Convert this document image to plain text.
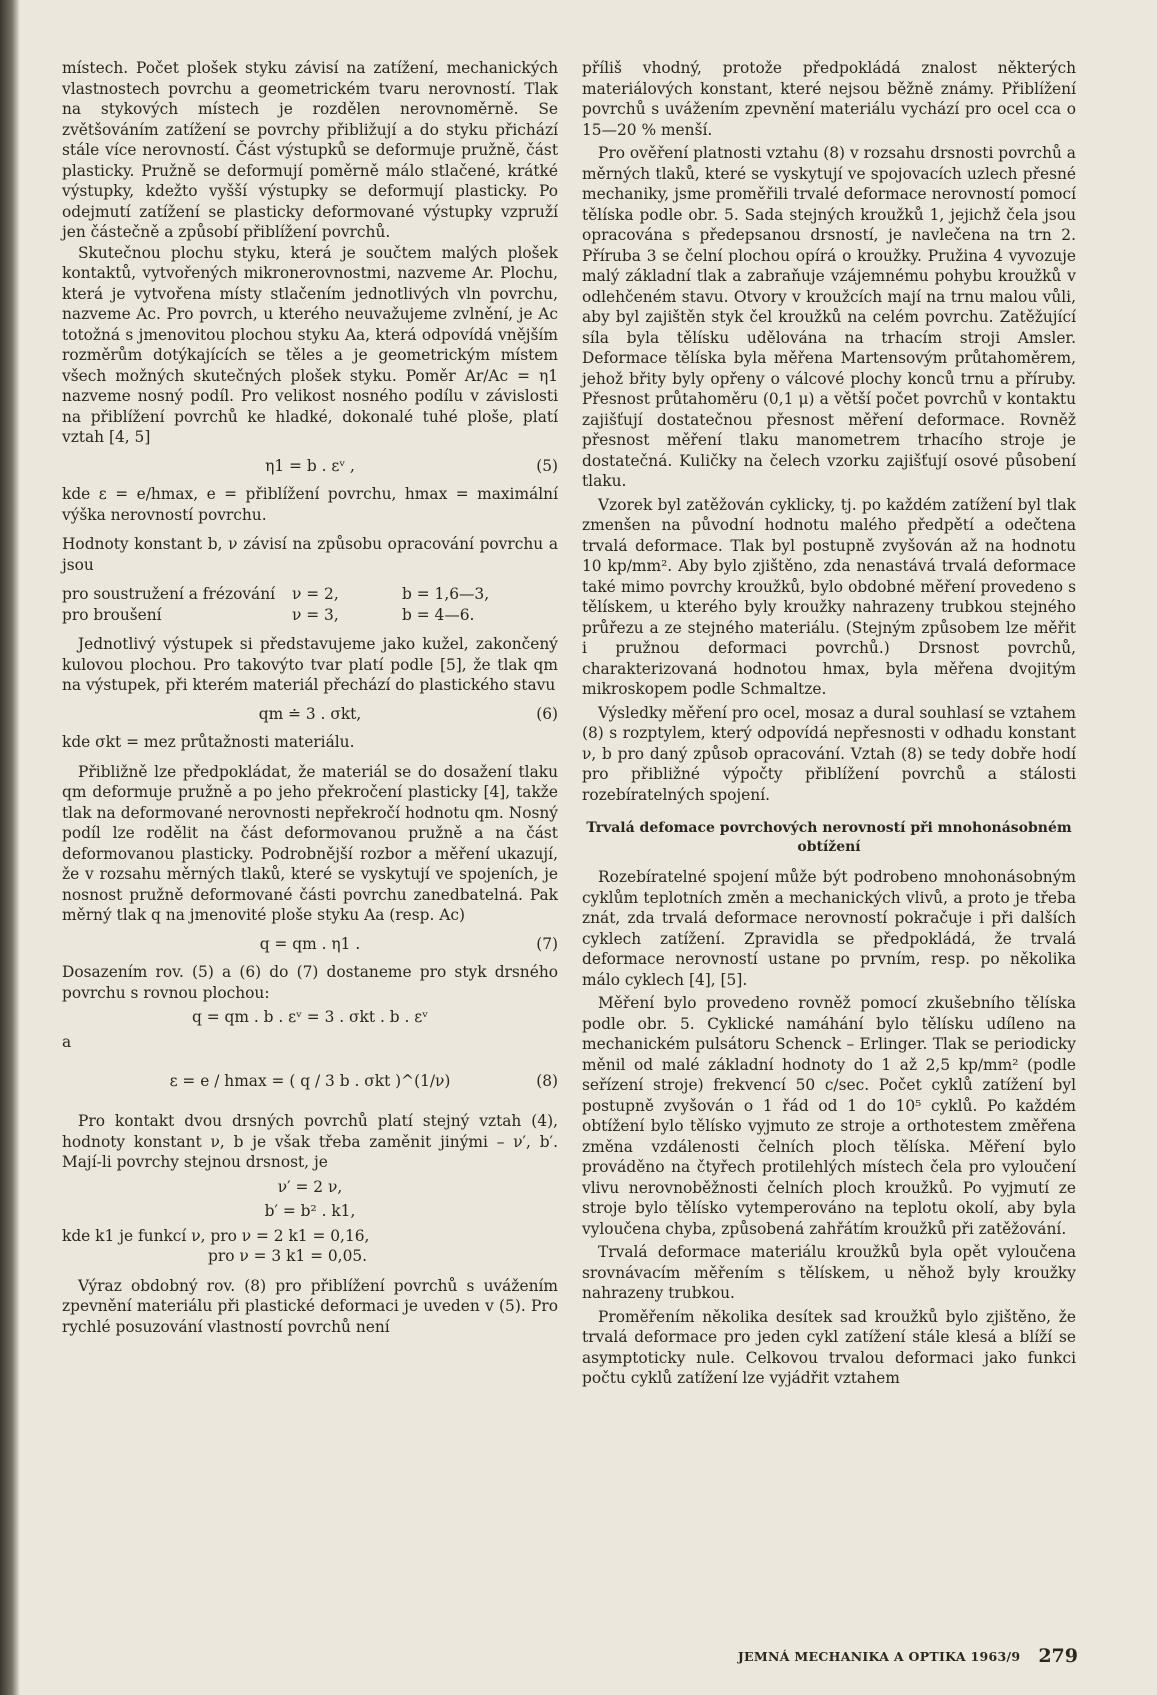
místech. Počet plošek styku závisí na zatížení, mechanických vlastnostech povrchu a geometrickém tvaru nerovností. Tlak na stykových místech je rozdělen nerovnoměrně. Se zvětšováním zatížení se povrchy přibližují a do styku přichází stále více nerovností. Část výstupků se deformuje pružně, část plasticky. Pružně se deformují poměrně málo stlačené, krátké výstupky, kdežto vyšší výstupky se deformují plasticky. Po odejmutí zatížení se plasticky deformované výstupky vzpruží jen částečně a způsobí přiblížení povrchů.

Skutečnou plochu styku, která je součtem malých plošek kontaktů, vytvořených mikronerovnostmi, nazveme Ar. Plochu, která je vytvořena místy stlačením jednotlivých vln povrchu, nazveme Ac. Pro povrch, u kterého neuvažujeme zvlnění, je Ac totožná s jmenovitou plochou styku Aa, která odpovídá vnějším rozměrům dotýkajících se těles a je geometrickým místem všech možných skutečných plošek styku. Poměr Ar/Ac = η1 nazveme nosný podíl. Pro velikost nosného podílu v závislosti na přiblížení povrchů ke hladké, dokonalé tuhé ploše, platí vztah [4, 5]

η1 = b . εᵛ ,	(5)

kde ε = e/hmax, e = přiblížení povrchu, hmax = maximální výška nerovností povrchu.

Hodnoty konstant b, ν závisí na způsobu opracování povrchu a jsou

pro soustružení a frézování	ν = 2,	b = 1,6—3,
pro broušení	ν = 3,	b = 4—6.

Jednotlivý výstupek si představujeme jako kužel, zakončený kulovou plochou. Pro takovýto tvar platí podle [5], že tlak qm na výstupek, při kterém materiál přechází do plastického stavu

qm ≐ 3 . σkt,	(6)

kde σkt = mez průtažnosti materiálu.

Přibližně lze předpokládat, že materiál se do dosažení tlaku qm deformuje pružně a po jeho překročení plasticky [4], takže tlak na deformované nerovnosti nepřekročí hodnotu qm. Nosný podíl lze rodělit na část deformovanou pružně a na část deformovanou plasticky. Podrobnější rozbor a měření ukazují, že v rozsahu měrných tlaků, které se vyskytují ve spojeních, je nosnost pružně deformované části povrchu zanedbatelná. Pak měrný tlak q na jmenovité ploše styku Aa (resp. Ac)

q = qm . η1 .	(7)

Dosazením rov. (5) a (6) do (7) dostaneme pro styk drsného povrchu s rovnou plochou:

q = qm . b . εᵛ = 3 . σkt . b . εᵛ

a

ε = e / hmax = ( q / 3 b . σkt )^(1/ν)	(8)

Pro kontakt dvou drsných povrchů platí stejný vztah (4), hodnoty konstant ν, b je však třeba zaměnit jinými – ν′, b′. Mají-li povrchy stejnou drsnost, je

ν′ = 2 ν,
b′ = b² . k1,

kde k1 je funkcí ν, pro ν = 2 k1 = 0,16,

pro ν = 3 k1 = 0,05.

Výraz obdobný rov. (8) pro přiblížení povrchů s uvážením zpevnění materiálu při plastické deformaci je uveden v (5). Pro rychlé posuzování vlastností povrchů není

příliš vhodný, protože předpokládá znalost některých materiálových konstant, které nejsou běžně známy. Přiblížení povrchů s uvážením zpevnění materiálu vychází pro ocel cca o 15—20 % menší.

Pro ověření platnosti vztahu (8) v rozsahu drsnosti povrchů a měrných tlaků, které se vyskytují ve spojovacích uzlech přesné mechaniky, jsme proměřili trvalé deformace nerovností pomocí tělíska podle obr. 5. Sada stejných kroužků 1, jejichž čela jsou opracována s předepsanou drsností, je navlečena na trn 2. Příruba 3 se čelní plochou opírá o kroužky. Pružina 4 vyvozuje malý základní tlak a zabraňuje vzájemnému pohybu kroužků v odlehčeném stavu. Otvory v kroužcích mají na trnu malou vůli, aby byl zajištěn styk čel kroužků na celém povrchu. Zatěžující síla byla tělísku udělována na trhacím stroji Amsler. Deformace tělíska byla měřena Martensovým průtahoměrem, jehož břity byly opřeny o válcové plochy konců trnu a příruby. Přesnost průtahoměru (0,1 μ) a větší počet povrchů v kontaktu zajišťují dostatečnou přesnost měření deformace. Rovněž přesnost měření tlaku manometrem trhacího stroje je dostatečná. Kuličky na čelech vzorku zajišťují osové působení tlaku.

Vzorek byl zatěžován cyklicky, tj. po každém zatížení byl tlak zmenšen na původní hodnotu malého předpětí a odečtena trvalá deformace. Tlak byl postupně zvyšován až na hodnotu 10 kp/mm². Aby bylo zjištěno, zda nenastává trvalá deformace také mimo povrchy kroužků, bylo obdobné měření provedeno s tělískem, u kterého byly kroužky nahrazeny trubkou stejného průřezu a ze stejného materiálu. (Stejným způsobem lze měřit i pružnou deformaci povrchů.) Drsnost povrchů, charakterizovaná hodnotou hmax, byla měřena dvojitým mikroskopem podle Schmaltze.

Výsledky měření pro ocel, mosaz a dural souhlasí se vztahem (8) s rozptylem, který odpovídá nepřesnosti v odhadu konstant ν, b pro daný způsob opracování. Vztah (8) se tedy dobře hodí pro přibližné výpočty přiblížení povrchů a stálosti rozebíratelných spojení.

Trvalá defomace povrchových nerovností při mnohonásobném obtížení

Rozebíratelné spojení může být podrobeno mnohonásobným cyklům teplotních změn a mechanických vlivů, a proto je třeba znát, zda trvalá deformace nerovností pokračuje i při dalších cyklech zatížení. Zpravidla se předpokládá, že trvalá deformace nerovností ustane po prvním, resp. po několika málo cyklech [4], [5].

Měření bylo provedeno rovněž pomocí zkušebního tělíska podle obr. 5. Cyklické namáhání bylo tělísku udíleno na mechanickém pulsátoru Schenck – Erlinger. Tlak se periodicky měnil od malé základní hodnoty do 1 až 2,5 kp/mm² (podle seřízení stroje) frekvencí 50 c/sec. Počet cyklů zatížení byl postupně zvyšován o 1 řád od 1 do 10⁵ cyklů. Po každém obtížení bylo tělísko vyjmuto ze stroje a orthotestem změřena změna vzdálenosti čelních ploch tělíska. Měření bylo prováděno na čtyřech protilehlých místech čela pro vyloučení vlivu nerovnoběžnosti čelních ploch kroužků. Po vyjmutí ze stroje bylo tělísko vytemperováno na teplotu okolí, aby byla vyloučena chyba, způsobená zahřátím kroužků při zatěžování.

Trvalá deformace materiálu kroužků byla opět vyloučena srovnávacím měřením s tělískem, u něhož byly kroužky nahrazeny trubkou.

Proměřením několika desítek sad kroužků bylo zjištěno, že trvalá deformace pro jeden cykl zatížení stále klesá a blíží se asymptoticky nule. Celkovou trvalou deformaci jako funkci počtu cyklů zatížení lze vyjádřit vztahem

JEMNÁ MECHANIKA A OPTIKA 1963/9 279
